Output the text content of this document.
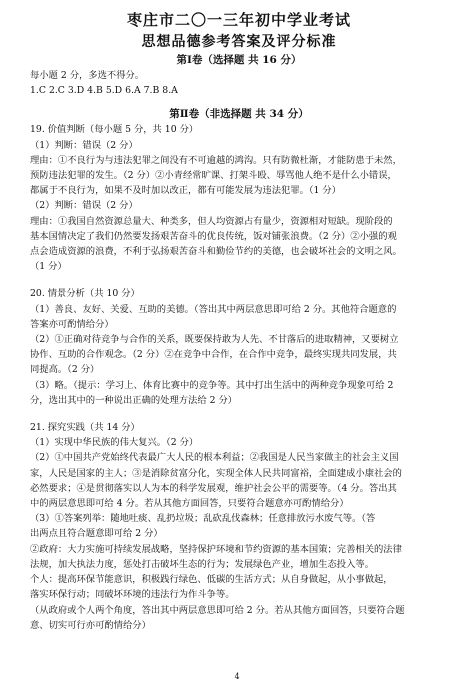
枣庄市二〇一三年初中学业考试
思想品德参考答案及评分标准
第Ⅰ卷（选择题 共 16 分）
每小题 2 分，多选不得分。
1.C 2.C 3.D 4.B 5.D 6.A 7.B 8.A
第Ⅱ卷（非选择题 共 34 分）
19. 价值判断（每小题 5 分，共 10 分）
（1）判断：错误（2 分）
理由：①不良行为与违法犯罪之间没有不可逾越的鸿沟。只有防微杜渐，才能防患于未然，
预防违法犯罪的发生。（2 分）②小青经常旷课、打架斗殴、辱骂他人绝不是什么小错误，
都属于不良行为，如果不及时加以改正，都有可能发展为违法犯罪。（1 分）
（2）判断：错误（2 分）
理由：①我国自然资源总量大、种类多，但人均资源占有量少，资源相对短缺。现阶段的
基本国情决定了我们仍然要发扬艰苦奋斗的优良传统，饭对铺张浪费。（2 分）②小强的观
点会造成资源的浪费，不利于弘扬艰苦奋斗和勤俭节约的美德，也会破坏社会的文明之风。
（1 分）
20. 情景分析（共 10 分）
（1）善良、友好、关爱、互助的美德。（答出其中两层意思即可给 2 分。其他符合题意的
答案亦可酌情给分）
（2）①正确对待竞争与合作的关系，既要保持敢为人先、不甘落后的进取精神，又要树立
协作、互助的合作观念。（2 分）②在竞争中合作，在合作中竞争，最终实现共同发展，共
同提高。（2 分）
（3）略。（提示：学习上、体育比赛中的竞争等。其中打出生活中的两种竞争现象可给 2
分，选出其中的一种说出正确的处理方法给 2 分）
21. 探究实践（共 14 分）
（1）实现中华民族的伟大复兴。（2 分）
（2）①中国共产党始终代表最广大人民的根本利益；②我国是人民当家做主的社会主义国
家，人民是国家的主人；③是消除贫富分化，实现全体人民共同富裕，全面建成小康社会的
必然要求；④是贯彻落实以人为本的科学发展观，维护社会公平的需要等。（4 分。答出其
中的两层意思即可给 4 分。若从其他方面回答，只要符合题意亦可酌情给分）
（3）①答案列举：随地吐痰、乱扔垃圾；乱砍乱伐森林；任意排放污水废气等。（答
出两点且符合题意即可给 2 分）
②政府：大力实施可持续发展战略，坚持保护环境和节约资源的基本国策；完善相关的法律
法规，加大执法力度，惩处打击破坏生态的行为；发展绿色产业，增加生态投入等。
个人：提高环保节能意识，积极践行绿色、低碳的生活方式；从自身做起，从小事做起，
落实环保行动；同破坏环境的违法行为作斗争等。
（从政府或个人两个角度，答出其中两层意思即可给 2 分。若从其他方面回答，只要符合题
意、切实可行亦可酌情给分）
4
